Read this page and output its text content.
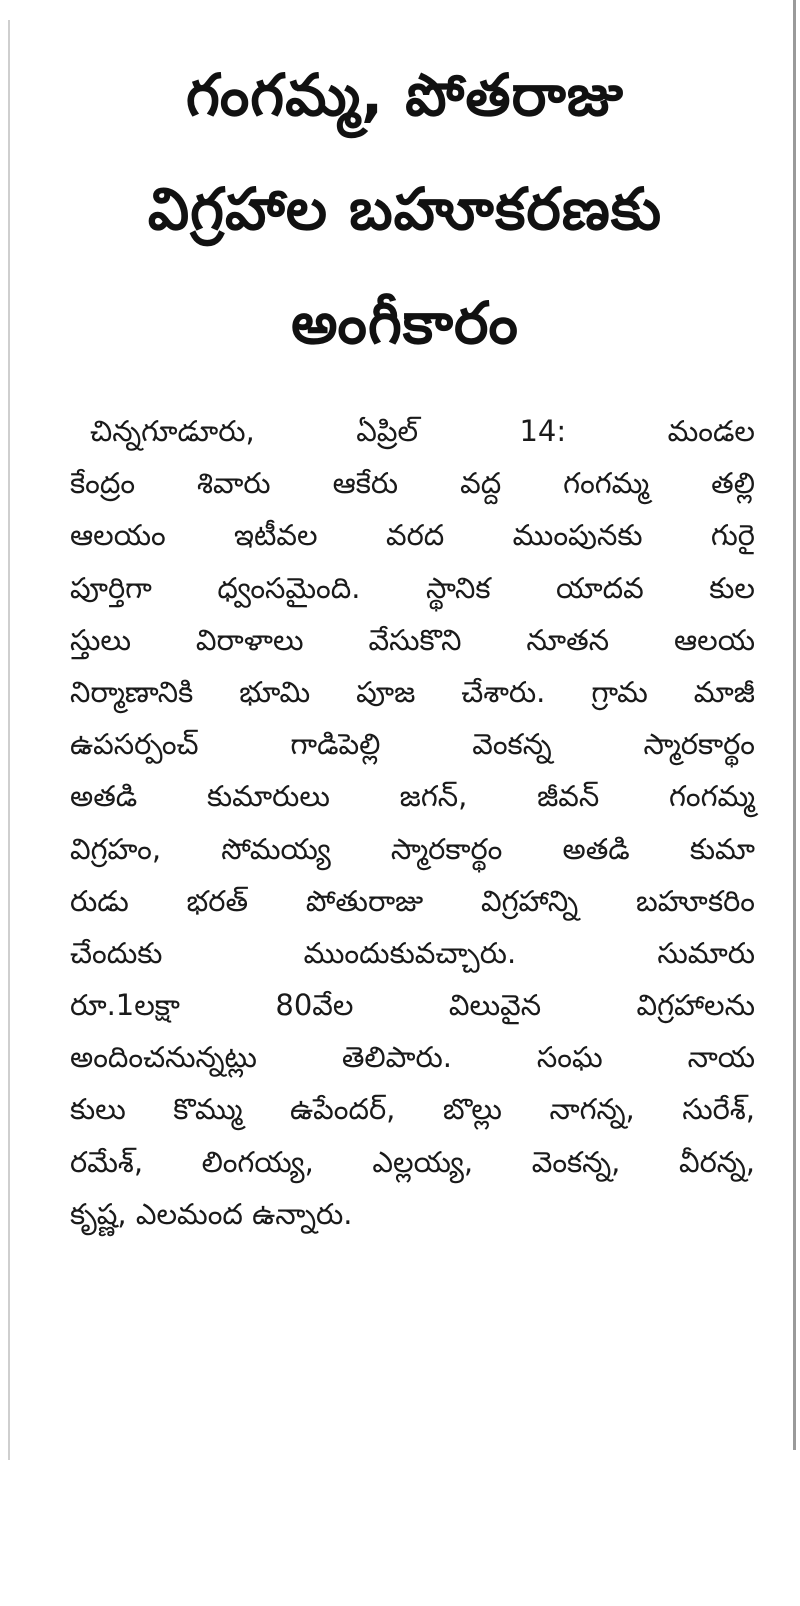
గంగమ్మ, పోతరాజు
విగ్రహాల బహూకరణకు
అంగీకారం
చిన్నగూడూరు, ఏప్రిల్ 14: మండల
కేంద్రం శివారు ఆకేరు వద్ద గంగమ్మ తల్లి
ఆలయం ఇటీవల వరద ముంపునకు గురై
పూర్తిగా ధ్వంసమైంది. స్థానిక యాదవ కుల
స్తులు విరాళాలు వేసుకొని నూతన ఆలయ
నిర్మాణానికి భూమి పూజ చేశారు. గ్రామ మాజీ
ఉపసర్పంచ్ గాడిపెల్లి వెంకన్న స్మారకార్థం
అతడి కుమారులు జగన్, జీవన్ గంగమ్మ
విగ్రహం, సోమయ్య స్మారకార్థం అతడి కుమా
రుడు భరత్ పోతురాజు విగ్రహాన్ని బహూకరిం
చేందుకు ముందుకువచ్చారు. సుమారు
రూ.1లక్షా 80వేల విలువైన విగ్రహాలను
అందించనున్నట్లు తెలిపారు. సంఘ నాయ
కులు కొమ్ము ఉపేందర్, బొల్లు నాగన్న, సురేశ్,
రమేశ్, లింగయ్య, ఎల్లయ్య, వెంకన్న, వీరన్న,
కృష్ణ, ఎలమంద ఉన్నారు.
